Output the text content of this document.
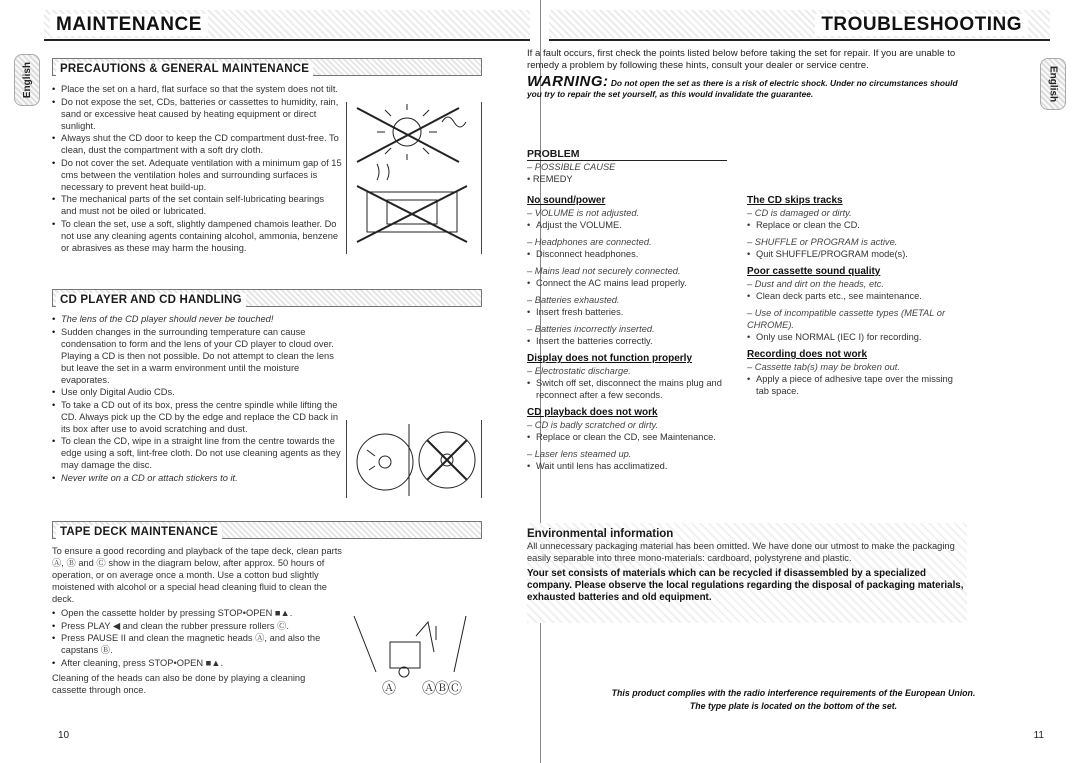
MAINTENANCE
English	PRECAUTIONS & GENERAL MAINTENANCE
• Place the set on a hard, flat surface so that the system does not tilt.
• Do not expose the set, CDs, batteries or cassettes to humidity, rain, sand or excessive heat caused by heating equipment or direct sunlight.
• Always shut the CD door to keep the CD compartment dust-free. To clean, dust the compartment with a soft dry cloth.
• Do not cover the set. Adequate ventilation with a minimum gap of 15 cms between the ventilation holes and surrounding surfaces is necessary to prevent heat build-up.
• The mechanical parts of the set contain self-lubricating bearings and must not be oiled or lubricated.
• To clean the set, use a soft, slightly dampened chamois leather. Do not use any cleaning agents containing alcohol, ammonia, benzene or abrasives as these may harm the housing.
CD PLAYER AND CD HANDLING
• The lens of the CD player should never be touched!
• Sudden changes in the surrounding temperature can cause condensation to form and the lens of your CD player to cloud over. Playing a CD is then not possible. Do not attempt to clean the lens but leave the set in a warm environment until the moisture evaporates.
• Use only Digital Audio CDs.
• To take a CD out of its box, press the centre spindle while lifting the CD. Always pick up the CD by the edge and replace the CD back in its box after use to avoid scratching and dust.
• To clean the CD, wipe in a straight line from the centre towards the edge using a soft, lint-free cloth. Do not use cleaning agents as they may damage the disc.
• Never write on a CD or attach stickers to it.
TAPE DECK MAINTENANCE

To ensure a good recording and playback of the tape deck, clean parts Ⓐ, Ⓑ and Ⓒ show in the diagram below, after approx. 50 hours of operation, or on average once a month. Use a cotton bud slightly moistened with alcohol or a special head cleaning fluid to clean the deck.

• Open the cassette holder by pressing STOP•OPEN ■▲.
• Press PLAY ◀ and clean the rubber pressure rollers Ⓒ.
• Press PAUSE II and clean the magnetic heads Ⓐ, and also the capstans Ⓑ.
• After cleaning, press STOP•OPEN ■▲.

Cleaning of the heads can also be done by playing a cleaning cassette through once.	Ⓐ ⒶⒷⒸ
10
TROUBLESHOOTING
English
If a fault occurs, first check the points listed below before taking the set for repair. If you are unable to remedy a problem by following these hints, consult your dealer or service centre.
WARNING: Do not open the set as there is a risk of electric shock. Under no circumstances should you try to repair the set yourself, as this would invalidate the guarantee.
PROBLEM
– POSSIBLE CAUSE
• REMEDY
No sound/power
– VOLUME is not adjusted.
• Adjust the VOLUME.
– Headphones are connected.
• Disconnect headphones.
– Mains lead not securely connected.
• Connect the AC mains lead properly.
– Batteries exhausted.
• Insert fresh batteries.
– Batteries incorrectly inserted.
• Insert the batteries correctly.
Display does not function properly
– Electrostatic discharge.
• Switch off set, disconnect the mains plug and reconnect after a few seconds.
CD playback does not work
– CD is badly scratched or dirty.
• Replace or clean the CD, see Maintenance.
– Laser lens steamed up.
• Wait until lens has acclimatized.
The CD skips tracks
– CD is damaged or dirty.
• Replace or clean the CD.
– SHUFFLE or PROGRAM is active.
• Quit SHUFFLE/PROGRAM mode(s).
Poor cassette sound quality
– Dust and dirt on the heads, etc.
• Clean deck parts etc., see maintenance.
– Use of incompatible cassette types (METAL or CHROME).
• Only use NORMAL (IEC I) for recording.
Recording does not work
– Cassette tab(s) may be broken out.
• Apply a piece of adhesive tape over the missing tab space.
Environmental information
All unnecessary packaging material has been omitted. We have done our utmost to make the packaging easily separable into three mono-materials: cardboard, polystyrene and plastic.
Your set consists of materials which can be recycled if disassembled by a specialized company. Please observe the local regulations regarding the disposal of packaging materials, exhausted batteries and old equipment.
This product complies with the radio interference requirements of the European Union.
The type plate is located on the bottom of the set.
11
